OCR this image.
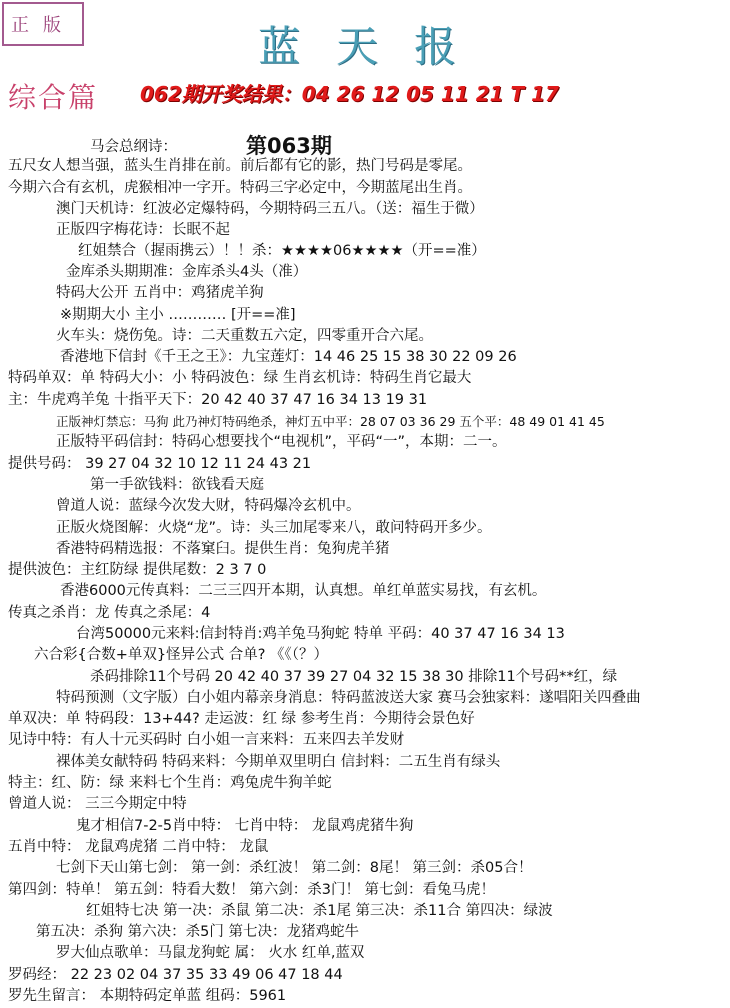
正版	蓝天报
综合篇 062期开奖结果：04 26 12 05 11 21 T 17
第063期
马会总纲诗：
五尺女人想当强，蓝头生肖排在前。前后都有它的影，热门号码是零尾。
今期六合有玄机，虎猴相冲一字开。特码三字必定中，今期蓝尾出生肖。
澳门天机诗：红波必定爆特码，今期特码三五八。（送：福生于微）
正版四字梅花诗：长眠不起
红姐禁合（握雨携云）！！杀：★★★★06★★★★（开==准）
金库杀头期期准：金库杀头4头（准）
特码大公开 五肖中：鸡猪虎羊狗
※期期大小 主小 ………… [开==准]
火车头：烧伤兔。诗：二天重数五六定，四零重开合六尾。
香港地下信封《千王之王》：九宝莲灯：14 46 25 15 38 30 22 09 26
特码单双：单 特码大小：小 特码波色：绿 生肖玄机诗：特码生肖它最大
主：牛虎鸡羊兔 十指平天下：20 42 40 37 47 16 34 13 19 31
正版神灯禁忘：马狗 此乃神灯特码绝杀，神灯五中平：28 07 03 36 29 五个平：48 49 01 41 45
正版特平码信封：特码心想要找个“电视机”，平码“一”，本期：二一。
提供号码： 39 27 04 32 10 12 11 24 43 21
第一手欲钱料：欲钱看天庭
曾道人说：蓝绿今次发大财，特码爆冷玄机中。
正版火烧图解：火烧“龙”。诗：头三加尾零来八，敢问特码开多少。
香港特码精选报：不落窠臼。提供生肖：兔狗虎羊猪
提供波色：主红防绿 提供尾数：2 3 7 0
香港6000元传真料：二三三四开本期，认真想。单红单蓝实易找，有玄机。
传真之杀肖：龙 传真之杀尾：4
台湾50000元来料:信封特肖:鸡羊兔马狗蛇 特单 平码：40 37 47 16 34 13
六合彩{合数+单双}怪异公式 合单? 《《（？）
杀码排除11个号码 20 42 40 37 39 27 04 32 15 38 30 排除11个号码**红，绿
特码预测（文字版）白小姐内幕亲身消息：特码蓝波送大家 赛马会独家料：遂唱阳关四叠曲
单双决：单 特码段：13+44? 走运波：红 绿 参考生肖：今期待会景色好
见诗中特：有人十元买码时 白小姐一言来料：五来四去羊发财
裸体美女献特码 特码来料：今期单双里明白 信封料：二五生肖有绿头
特主：红、防：绿 来料七个生肖：鸡兔虎牛狗羊蛇
曾道人说： 三三今期定中特
鬼才相信7-2-5肖中特： 七肖中特： 龙鼠鸡虎猪牛狗
五肖中特： 龙鼠鸡虎猪 二肖中特： 龙鼠
七剑下天山第七剑： 第一剑：杀红波！ 第二剑：8尾！ 第三剑：杀05合！
第四剑：特单！ 第五剑：特看大数！ 第六剑：杀3门！ 第七剑：看兔马虎！
红姐特七决 第一决：杀鼠 第二决：杀1尾 第三决：杀11合 第四决：绿波
第五决：杀狗 第六决：杀5门 第七决：龙猪鸡蛇牛
罗大仙点歌单：马鼠龙狗蛇 属： 火水 红单,蓝双
罗码经： 22 23 02 04 37 35 33 49 06 47 18 44
罗先生留言： 本期特码定单蓝 组码：5961
